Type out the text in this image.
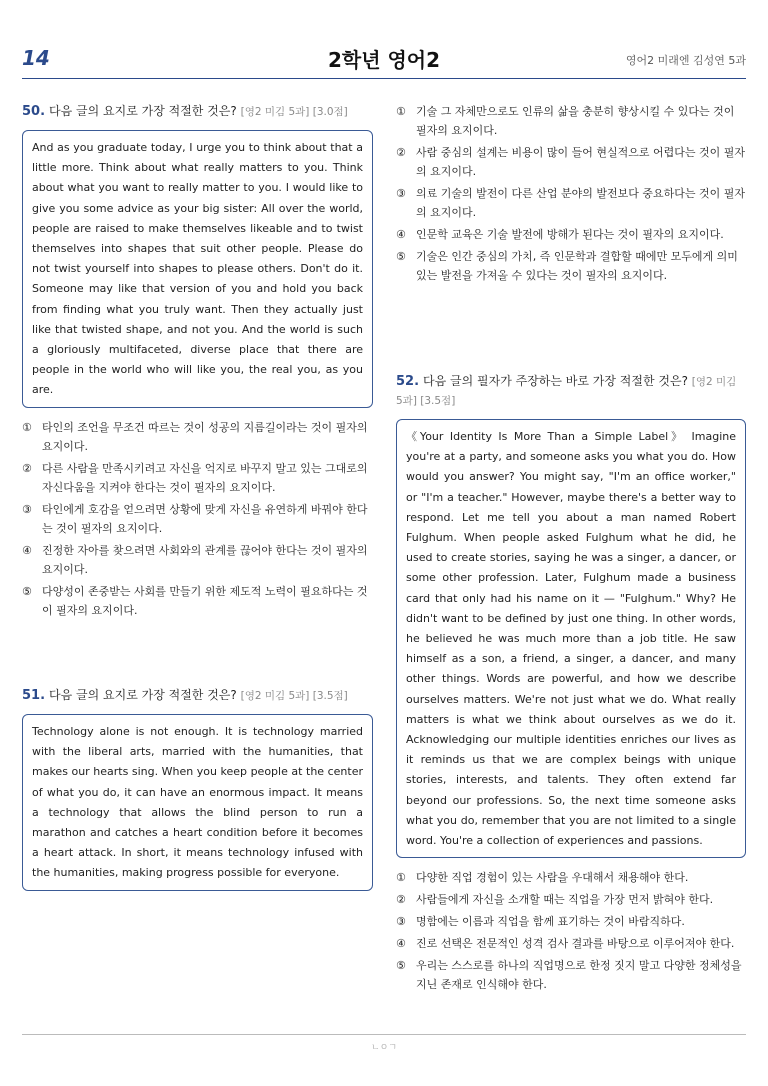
14	2학년 영어2	영어2 미래엔 김성연 5과
50. 다음 글의 요지로 가장 적절한 것은? [영2 미김 5과] [3.0점]
And as you graduate today, I urge you to think about that a little more. Think about what really matters to you. Think about what you want to really matter to you. I would like to give you some advice as your big sister: All over the world, people are raised to make themselves likeable and to twist themselves into shapes that suit other people. Please do not twist yourself into shapes to please others. Don't do it. Someone may like that version of you and hold you back from finding what you truly want. Then they actually just like that twisted shape, and not you. And the world is such a gloriously multifaceted, diverse place that there are people in the world who will like you, the real you, as you are.
① 타인의 조언을 무조건 따르는 것이 성공의 지름길이라는 것이 필자의 요지이다.
② 다른 사람을 만족시키려고 자신을 억지로 바꾸지 말고 있는 그대로의 자신다움을 지켜야 한다는 것이 필자의 요지이다.
③ 타인에게 호감을 얻으려면 상황에 맞게 자신을 유연하게 바꿔야 한다는 것이 필자의 요지이다.
④ 진정한 자아를 찾으려면 사회와의 관계를 끊어야 한다는 것이 필자의 요지이다.
⑤ 다양성이 존중받는 사회를 만들기 위한 제도적 노력이 필요하다는 것이 필자의 요지이다.
51. 다음 글의 요지로 가장 적절한 것은? [영2 미김 5과] [3.5점]
Technology alone is not enough. It is technology married with the liberal arts, married with the humanities, that makes our hearts sing. When you keep people at the center of what you do, it can have an enormous impact. It means a technology that allows the blind person to run a marathon and catches a heart condition before it becomes a heart attack. In short, it means technology infused with the humanities, making progress possible for everyone.
① 기술 그 자체만으로도 인류의 삶을 충분히 향상시킬 수 있다는 것이 필자의 요지이다.
② 사람 중심의 설계는 비용이 많이 들어 현실적으로 어렵다는 것이 필자의 요지이다.
③ 의료 기술의 발전이 다른 산업 분야의 발전보다 중요하다는 것이 필자의 요지이다.
④ 인문학 교육은 기술 발전에 방해가 된다는 것이 필자의 요지이다.
⑤ 기술은 인간 중심의 가치, 즉 인문학과 결합할 때에만 모두에게 의미 있는 발전을 가져올 수 있다는 것이 필자의 요지이다.
52. 다음 글의 필자가 주장하는 바로 가장 적절한 것은? [영2 미김 5과] [3.5점]
《Your Identity Is More Than a Simple Label》 Imagine you're at a party, and someone asks you what you do. How would you answer? You might say, "I'm an office worker," or "I'm a teacher." However, maybe there's a better way to respond. Let me tell you about a man named Robert Fulghum. When people asked Fulghum what he did, he used to create stories, saying he was a singer, a dancer, or some other profession. Later, Fulghum made a business card that only had his name on it — "Fulghum." Why? He didn't want to be defined by just one thing. In other words, he believed he was much more than a job title. He saw himself as a son, a friend, a singer, a dancer, and many other things. Words are powerful, and how we describe ourselves matters. We're not just what we do. What really matters is what we think about ourselves as we do it. Acknowledging our multiple identities enriches our lives as it reminds us that we are complex beings with unique stories, interests, and talents. They often extend far beyond our professions. So, the next time someone asks what you do, remember that you are not limited to a single word. You're a collection of experiences and passions.
① 다양한 직업 경험이 있는 사람을 우대해서 채용해야 한다.
② 사람들에게 자신을 소개할 때는 직업을 가장 먼저 밝혀야 한다.
③ 명함에는 이름과 직업을 함께 표기하는 것이 바람직하다.
④ 진로 선택은 전문적인 성격 검사 결과를 바탕으로 이루어져야 한다.
⑤ 우리는 스스로를 하나의 직업명으로 한정 짓지 말고 다양한 정체성을 지닌 존재로 인식해야 한다.
ㄴㅇㄱ
